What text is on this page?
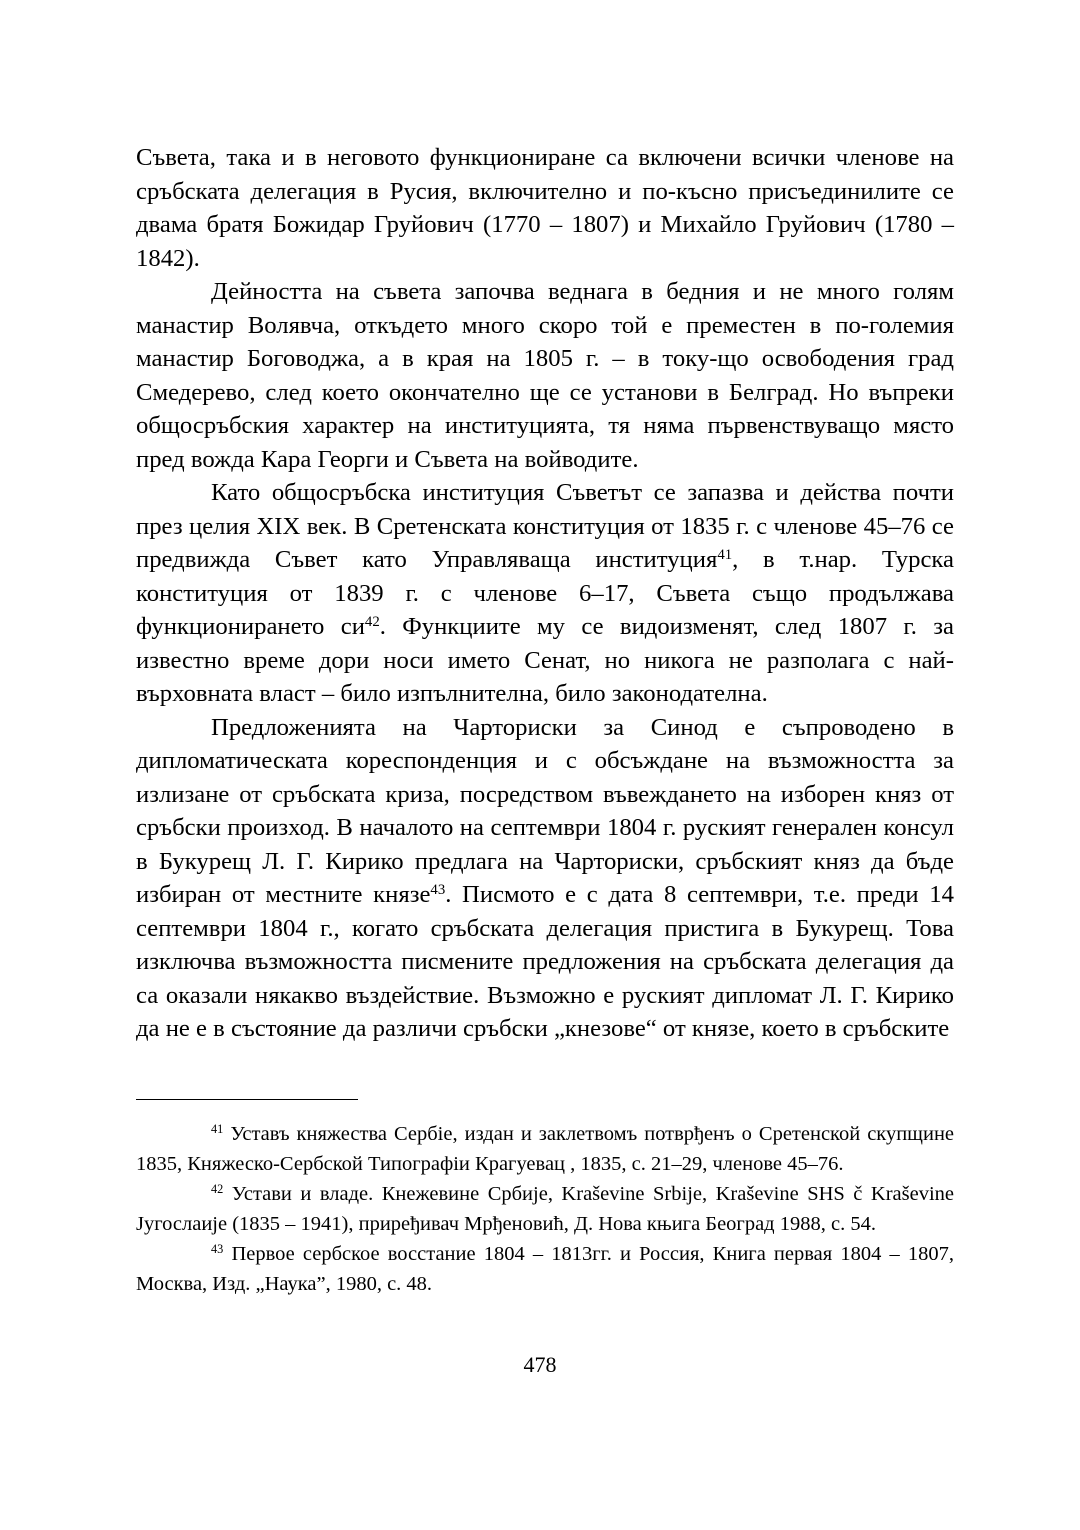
Съвета, така и в неговото функциониране са включени всички членове на сръбската делегация в Русия, включително и по-късно присъединилите се двама братя Божидар Груйович (1770 – 1807) и Михайло Груйович (1780 – 1842).

Дейността на съвета започва веднага в бедния и не много голям манастир Волявча, откъдето много скоро той е преместен в по-големия манастир Боговоджа, а в края на 1805 г. – в току-що освободения град Смедерево, след което окончателно ще се установи в Белград. Но въпреки общосръбския характер на институцията, тя няма първенствуващо място пред вожда Кара Георги и Съвета на войводите.

Като общосръбска институция Съветът се запазва и действа почти през целия XIX век. В Сретенската конституция от 1835 г. с членове 45–76 се предвижда Съвет като Управляваща институция$^{41}$, в т.нар. Турска конституция от 1839 г. с членове 6–17, Съвета също продължава функционирането $си^{42}$. Функциите му се видоизменят, след 1807 г. за известно време дори носи името Сенат, но никога не разполага с най-върховната власт – било изпълнителна, било законодателна.

Предложенията на Чарториски за Синод е съпроводено в дипломатическата кореспонденция и с обсъждане на възможността за излизане от сръбската криза, посредством въвеждането на изборен княз от сръбски произход. В началото на септември 1804 г. руският генерален консул в Букурещ Л. Г. Кирико предлага на Чарториски, сръбският княз да бъде избиран от местните князе$^{43}$. Писмото е с дата 8 септември, т.е. преди 14 септември 1804 г., когато сръбската делегация пристига в Букурещ. Това изключва възможността писмените предложения на сръбската делегация да са оказали някакво въздействие. Възможно е руският дипломат Л. Г. Кирико да не е в състояние да различи сръбски „кнезове“ от князе, което в сръбските

$^{41}$ Уставъ княжества Сербіе, издан и заклетвомъ потврђенъ о Сретенской скупщине 1835, Княжеско-Сербской Типографіи Крагуевац , 1835, с. 21–29, членове 45–76.

$^{42}$ Устави и владе. Кнежевине Србије, Kraševine Srbije, Kraševine SHS č Kraševine Југослаије (1835 – 1941), приређивач Мрђеновић, Д. Нова књига Београд 1988, с. 54.

$^{43}$ Первое сербское восстание 1804 – 1813гг. и Россия, Книга первая 1804 – 1807, Москва, Изд. „Наука”, 1980, с. 48.

478
